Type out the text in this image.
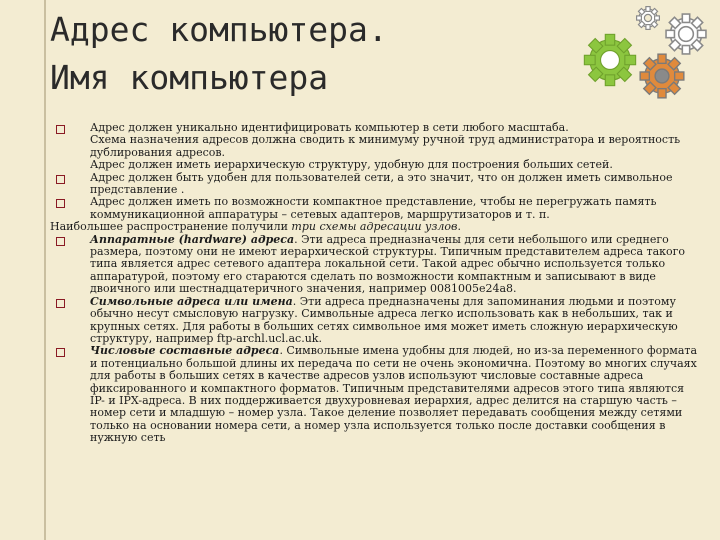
Адрес компьютера.
Имя компьютера

Адрес должен уникально идентифицировать компьютер в сети любого масштаба.

Схема назначения адресов должна сводить к минимуму ручной труд администратора и вероятность дублирования адресов.

Адрес должен иметь иерархическую структуру, удобную для построения больших сетей.

Адрес должен быть удобен для пользователей сети, а это значит, что он должен иметь символьное представление .

Адрес должен иметь по возможности компактное представление, чтобы не перегружать память коммуникационной аппаратуры – сетевых адаптеров, маршрутизаторов и т. п.

Наибольшее распространение получили три схемы адресации узлов.

Аппаратные (hardware) адреса. Эти адреса предназначены для сети небольшого или среднего размера, поэтому они не имеют иерархической структуры. Типичным представителем адреса такого типа является адрес сетевого адаптера локальной сети. Такой адрес обычно используется только аппаратурой, поэтому его стараются сделать по возможности компактным и записывают в виде двоичного или шестнадцатеричного значения, например 0081005e24a8.

Символьные адреса или имена. Эти адреса предназначены для запоминания людьми и поэтому обычно несут смысловую нагрузку. Символьные адреса легко использовать как в небольших, так и крупных сетях. Для работы в больших сетях символьное имя может иметь сложную иерархическую структуру, например ftp-archl.ucl.ac.uk.

Числовые составные адреса. Символьные имена удобны для людей, но из-за переменного формата и потенциально большой длины их передача по сети не очень экономична. Поэтому во многих случаях для работы в больших сетях в качестве адресов узлов используют числовые составные адреса фиксированного и компактного форматов. Типичным представителями адресов этого типа являются IP- и IPX-адреса. В них поддерживается двухуровневая иерархия, адрес делится на старшую часть – номер сети и младшую – номер узла. Такое деление позволяет передавать сообщения между сетями только на основании номера сети, а номер узла используется только после доставки сообщения в нужную сеть
